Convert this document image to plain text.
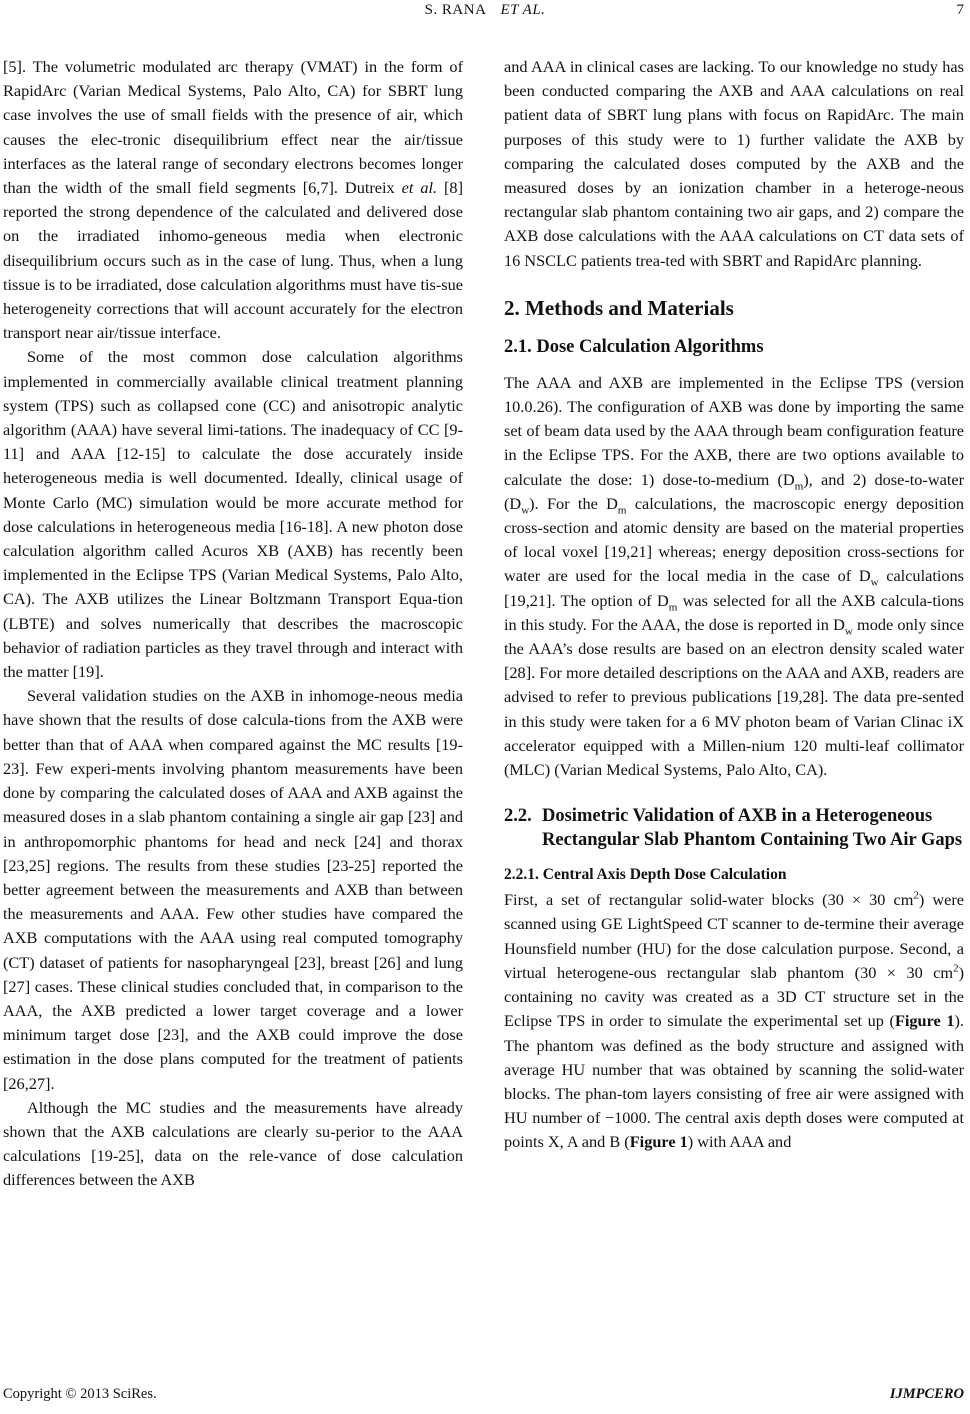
S. RANA ET AL.	7

[5]. The volumetric modulated arc therapy (VMAT) in the form of RapidArc (Varian Medical Systems, Palo Alto, CA) for SBRT lung case involves the use of small fields with the presence of air, which causes the elec-tronic disequilibrium effect near the air/tissue interfaces as the lateral range of secondary electrons becomes longer than the width of the small field segments [6,7]. Dutreix et al. [8] reported the strong dependence of the calculated and delivered dose on the irradiated inhomo-geneous media when electronic disequilibrium occurs such as in the case of lung. Thus, when a lung tissue is to be irradiated, dose calculation algorithms must have tis-sue heterogeneity corrections that will account accurately for the electron transport near air/tissue interface.

Some of the most common dose calculation algorithms implemented in commercially available clinical treatment planning system (TPS) such as collapsed cone (CC) and anisotropic analytic algorithm (AAA) have several limi-tations. The inadequacy of CC [9-11] and AAA [12-15] to calculate the dose accurately inside heterogeneous media is well documented. Ideally, clinical usage of Monte Carlo (MC) simulation would be more accurate method for dose calculations in heterogeneous media [16-18]. A new photon dose calculation algorithm called Acuros XB (AXB) has recently been implemented in the Eclipse TPS (Varian Medical Systems, Palo Alto, CA). The AXB utilizes the Linear Boltzmann Transport Equa-tion (LBTE) and solves numerically that describes the macroscopic behavior of radiation particles as they travel through and interact with the matter [19].

Several validation studies on the AXB in inhomoge-neous media have shown that the results of dose calcula-tions from the AXB were better than that of AAA when compared against the MC results [19-23]. Few experi-ments involving phantom measurements have been done by comparing the calculated doses of AAA and AXB against the measured doses in a slab phantom containing a single air gap [23] and in anthropomorphic phantoms for head and neck [24] and thorax [23,25] regions. The results from these studies [23-25] reported the better agreement between the measurements and AXB than between the measurements and AAA. Few other studies have compared the AXB computations with the AAA using real computed tomography (CT) dataset of patients for nasopharyngeal [23], breast [26] and lung [27] cases. These clinical studies concluded that, in comparison to the AAA, the AXB predicted a lower target coverage and a lower minimum target dose [23], and the AXB could improve the dose estimation in the dose plans computed for the treatment of patients [26,27].

Although the MC studies and the measurements have already shown that the AXB calculations are clearly su-perior to the AAA calculations [19-25], data on the rele-vance of dose calculation differences between the AXB

and AAA in clinical cases are lacking. To our knowledge no study has been conducted comparing the AXB and AAA calculations on real patient data of SBRT lung plans with focus on RapidArc. The main purposes of this study were to 1) further validate the AXB by comparing the calculated doses computed by the AXB and the measured doses by an ionization chamber in a heteroge-neous rectangular slab phantom containing two air gaps, and 2) compare the AXB dose calculations with the AAA calculations on CT data sets of 16 NSCLC patients trea-ted with SBRT and RapidArc planning.

2. Methods and Materials
2.1. Dose Calculation Algorithms

The AAA and AXB are implemented in the Eclipse TPS (version 10.0.26). The configuration of AXB was done by importing the same set of beam data used by the AAA through beam configuration feature in the Eclipse TPS. For the AXB, there are two options available to calculate the dose: 1) dose-to-medium $(D_m)$, and 2) dose-to-water $(D_w)$. For the $D_m$ calculations, the macroscopic energy deposition cross-section and atomic density are based on the material properties of local voxel [19,21] whereas; energy deposition cross-sections for water are used for the local media in the case of $D_w$ calculations [19,21]. The option of $D_m$ was selected for all the AXB calcula-tions in this study. For the AAA, the dose is reported in $D_w$ mode only since the AAA’s dose results are based on an electron density scaled water [28]. For more detailed descriptions on the AAA and AXB, readers are advised to refer to previous publications [19,28]. The data pre-sented in this study were taken for a 6 MV photon beam of Varian Clinac iX accelerator equipped with a Millen-nium 120 multi-leaf collimator (MLC) (Varian Medical Systems, Palo Alto, CA).

2.2. Dosimetric Validation of AXB in a Heterogeneous Rectangular Slab Phantom Containing Two Air Gaps
2.2.1. Central Axis Depth Dose Calculation

First, a set of rectangular solid-water blocks (30 × 30 $cm^2$) were scanned using GE LightSpeed CT scanner to de-termine their average Hounsfield number (HU) for the dose calculation purpose. Second, a virtual heterogene-ous rectangular slab phantom (30 × 30 $cm^2$) containing no cavity was created as a 3D CT structure set in the Eclipse TPS in order to simulate the experimental set up (Figure 1). The phantom was defined as the body structure and assigned with average HU number that was obtained by scanning the solid-water blocks. The phan-tom layers consisting of free air were assigned with HU number of −1000. The central axis depth doses were computed at points X, A and B (Figure 1) with AAA and

Copyright © 2013 SciRes.	IJMPCERO
